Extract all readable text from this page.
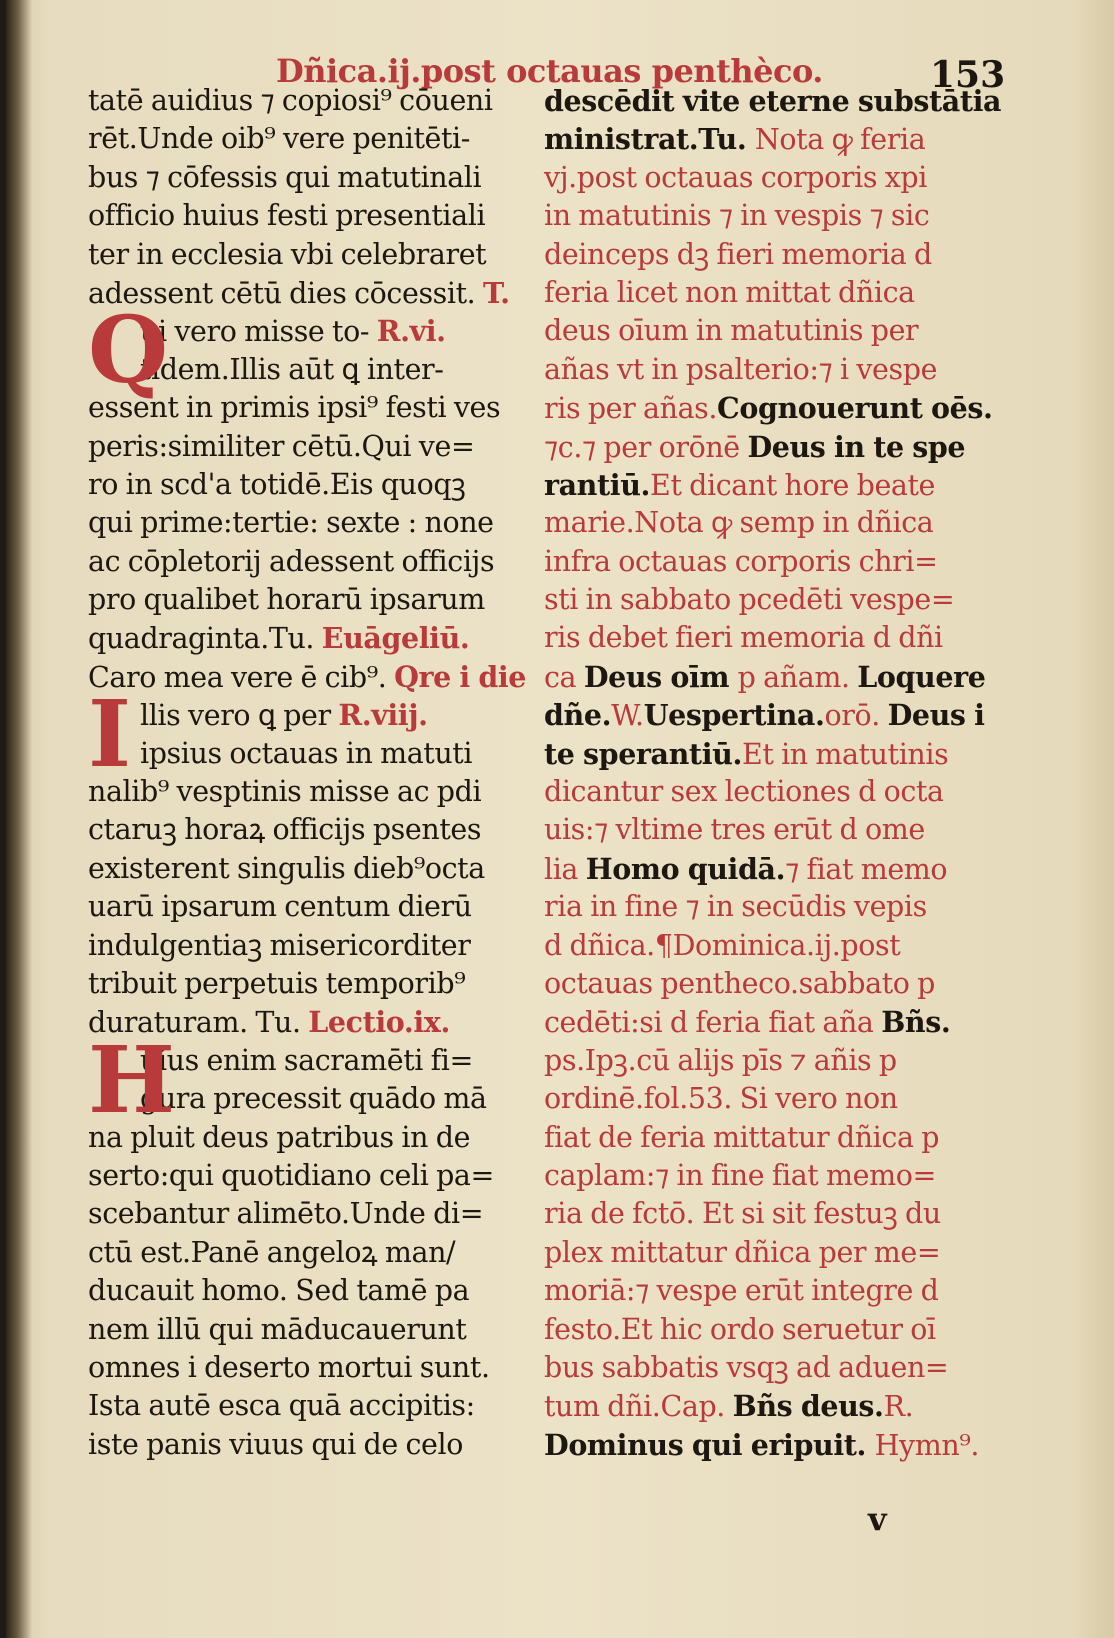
Dñica.ij.post octauas penthèco.	153
tatē auidius ⁊ copiosi⁹ cōueni
rēt.Unde oib⁹ vere penitēti-
bus ⁊ cōfessis qui matutinali
officio huius festi presentiali
ter in ecclesia vbi celebraret
adessent cētū dies cōcessit. T.
Q
ui vero misse to- R.vi.
tidem.Illis aūt ꝗ inter-
essent in primis ipsi⁹ festi ves
peris:similiter cētū.Qui ve=
ro in scd'a totidē.Eis quoqꝫ
qui prime:tertie: sexte : none
ac cōpletorij adessent officijs
pro qualibet horarū ipsarum
quadraginta.Tu. Euāgeliū.
Caro mea vere ē cib⁹. Qre i die
I llis vero ꝗ per R.viij.
ipsius octauas in matuti
nalib⁹ vesptinis misse ac pdi
ctaruꝫ horaꝝ officijs psentes
existerent singulis dieb⁹octa
uarū ipsarum centum dierū
indulgentiaꝫ misericorditer
tribuit perpetuis temporib⁹
duraturam. Tu. Lectio.ix.
H
uius enim sacramēti fi=
gura precessit quādo mā
na pluit deus patribus in de
serto:qui quotidiano celi pa=
scebantur alimēto.Unde di=
ctū est.Panē angeloꝝ man/
ducauit homo. Sed tamē pa
nem illū qui māducauerunt
omnes i deserto mortui sunt.
Ista autē esca quā accipitis:
iste panis viuus qui de celo
descēdit vite eterne substātia
ministrat.Tu. Nota ꝙ feria
vj.post octauas corporis xpi
in matutinis ⁊ in vespis ⁊ sic
deinceps dꝫ fieri memoria d
feria licet non mittat dñica
deus oīum in matutinis per
añas vt in psalterio:⁊ i vespe
ris per añas.Cognouerunt oēs.
⁊c.⁊ per orōnē Deus in te spe
rantiū.Et dicant hore beate
marie.Nota ꝙ semp in dñica
infra octauas corporis chri=
sti in sabbato pcedēti vespe=
ris debet fieri memoria d dñi
ca Deus oīm p añam. Loquere
dñe.W.Uespertina.orō. Deus i
te sperantiū.Et in matutinis
dicantur sex lectiones d octa
uis:⁊ vltime tres erūt d ome
lia Homo quidā.⁊ fiat memo
ria in fine ⁊ in secūdis vepis
d dñica.¶Dominica.ij.post
octauas pentheco.sabbato p
cedēti:si d feria fiat aña Bñs.
ps.Ipꝫ.cū alijs pīs ⁊ añis p
ordinē.fol.53. Si vero non
fiat de feria mittatur dñica p
caplam:⁊ in fine fiat memo=
ria de fctō. Et si sit festuꝫ du
plex mittatur dñica per me=
moriā:⁊ vespe erūt integre d
festo.Et hic ordo seruetur oī
bus sabbatis vsqꝫ ad aduen=
tum dñi.Cap. Bñs deus.R.
Dominus qui eripuit. Hymn⁹.
v
